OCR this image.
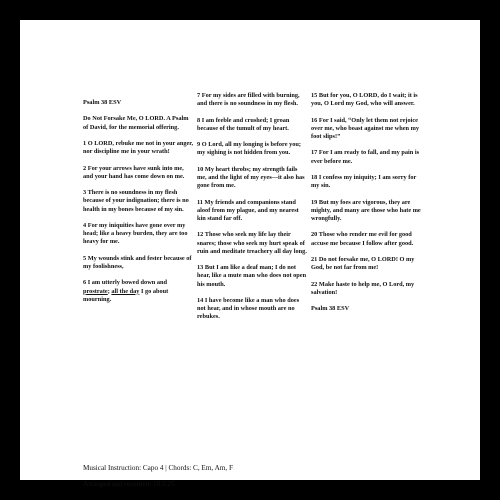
Psalm 38 ESV
Do Not Forsake Me, O LORD. A Psalm of David, for the memorial offering.
1 O LORD, rebuke me not in your anger, nor discipline me in your wrath!
2 For your arrows have sunk into me, and your hand has come down on me.
3 There is no soundness in my flesh because of your indignation; there is no health in my bones because of my sin.
4 For my iniquities have gone over my head; like a heavy burden, they are too heavy for me.
5 My wounds stink and fester because of my foolishness,
6 I am utterly bowed down and prostrate; all the day I go about mourning.
7 For my sides are filled with burning, and there is no soundness in my flesh.
8 I am feeble and crushed; I groan because of the tumult of my heart.
9 O Lord, all my longing is before you; my sighing is not hidden from you.
10 My heart throbs; my strength fails me, and the light of my eyes—it also has gone from me.
11 My friends and companions stand aloof from my plague, and my nearest kin stand far off.
12 Those who seek my life lay their snares; those who seek my hurt speak of ruin and meditate treachery all day long.
13 But I am like a deaf man; I do not hear, like a mute man who does not open his mouth.
14 I have become like a man who does not hear, and in whose mouth are no rebukes.
15 But for you, O LORD, do I wait; it is you, O Lord my God, who will answer.
16 For I said, “Only let them not rejoice over me, who boast against me when my foot slips!”
17 For I am ready to fall, and my pain is ever before me.
18 I confess my iniquity; I am sorry for my sin.
19 But my foes are vigorous, they are mighty, and many are those who hate me wrongfully.
20 Those who render me evil for good accuse me because I follow after good.
21 Do not forsake me, O LORD! O my God, be not far from me!
22 Make haste to help me, O Lord, my salvation!
Psalm 38 ESV
Musical Instruction: Capo 4 | Chords: C, Em, Am, F
Arranged and recorded: 10.2.25
